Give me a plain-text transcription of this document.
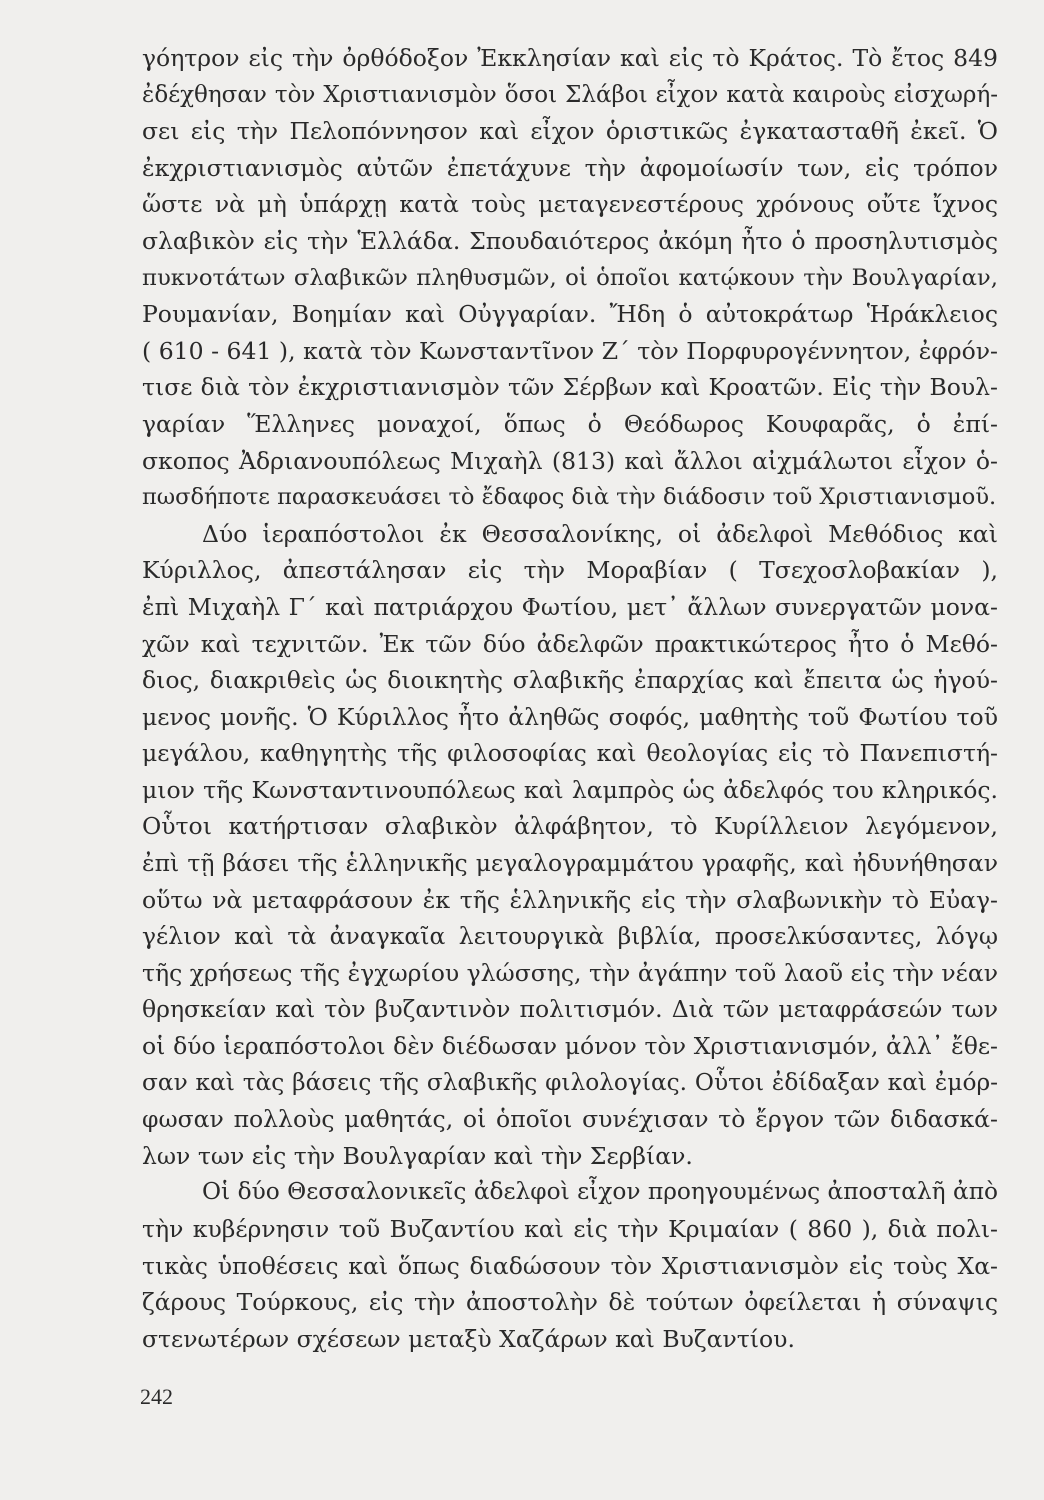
γόητρον εἰς τὴν ὀρθόδοξον Ἐκκλησίαν καὶ εἰς τὸ Κράτος. Τὸ ἔτος 849
ἐδέχθησαν τὸν Χριστιανισμὸν ὅσοι Σλάβοι εἶχον κατὰ καιροὺς εἰσχωρή-
σει εἰς τὴν Πελοπόννησον καὶ εἶχον ὁριστικῶς ἐγκατασταθῆ ἐκεῖ. Ὁ
ἐκχριστιανισμὸς αὐτῶν ἐπετάχυνε τὴν ἀφομοίωσίν των, εἰς τρόπον
ὥστε νὰ μὴ ὑπάρχῃ κατὰ τοὺς μεταγενεστέρους χρόνους οὔτε ἴχνος
σλαβικὸν εἰς τὴν Ἑλλάδα. Σπουδαιότερος ἀκόμη ἦτο ὁ προσηλυτισμὸς
πυκνοτάτων σλαβικῶν πληθυσμῶν, οἱ ὁποῖοι κατῴκουν τὴν Βουλγαρίαν,
Ρουμανίαν, Βοημίαν καὶ Οὐγγαρίαν. Ἤδη ὁ αὐτοκράτωρ Ἡράκλειος
( 610 - 641 ), κατὰ τὸν Κωνσταντῖνον Ζ΄ τὸν Πορφυρογέννητον, ἐφρόν-
τισε διὰ τὸν ἐκχριστιανισμὸν τῶν Σέρβων καὶ Κροατῶν. Εἰς τὴν Βουλ-
γαρίαν Ἕλληνες μοναχοί, ὅπως ὁ Θεόδωρος Κουφαρᾶς, ὁ ἐπί-
σκοπος Ἀδριανουπόλεως Μιχαὴλ (813) καὶ ἄλλοι αἰχμάλωτοι εἶχον ὁ-
πωσδήποτε παρασκευάσει τὸ ἔδαφος διὰ τὴν διάδοσιν τοῦ Χριστιανισμοῦ.
Δύο ἱεραπόστολοι ἐκ Θεσσαλονίκης, οἱ ἀδελφοὶ Μεθόδιος καὶ
Κύριλλος, ἀπεστάλησαν εἰς τὴν Μοραβίαν ( Τσεχοσλοβακίαν ),
ἐπὶ Μιχαὴλ Γ΄ καὶ πατριάρχου Φωτίου, μετ᾽ ἄλλων συνεργατῶν μονα-
χῶν καὶ τεχνιτῶν. Ἐκ τῶν δύο ἀδελφῶν πρακτικώτερος ἦτο ὁ Μεθό-
διος, διακριθεὶς ὡς διοικητὴς σλαβικῆς ἐπαρχίας καὶ ἔπειτα ὡς ἡγού-
μενος μονῆς. Ὁ Κύριλλος ἦτο ἀληθῶς σοφός, μαθητὴς τοῦ Φωτίου τοῦ
μεγάλου, καθηγητὴς τῆς φιλοσοφίας καὶ θεολογίας εἰς τὸ Πανεπιστή-
μιον τῆς Κωνσταντινουπόλεως καὶ λαμπρὸς ὡς ἀδελφός του κληρικός.
Οὗτοι κατήρτισαν σλαβικὸν ἀλφάβητον, τὸ Κυρίλλειον λεγόμενον,
ἐπὶ τῇ βάσει τῆς ἑλληνικῆς μεγαλογραμμάτου γραφῆς, καὶ ἠδυνήθησαν
οὕτω νὰ μεταφράσουν ἐκ τῆς ἑλληνικῆς εἰς τὴν σλαβωνικὴν τὸ Εὐαγ-
γέλιον καὶ τὰ ἀναγκαῖα λειτουργικὰ βιβλία, προσελκύσαντες, λόγῳ
τῆς χρήσεως τῆς ἐγχωρίου γλώσσης, τὴν ἀγάπην τοῦ λαοῦ εἰς τὴν νέαν
θρησκείαν καὶ τὸν βυζαντινὸν πολιτισμόν. Διὰ τῶν μεταφράσεών των
οἱ δύο ἱεραπόστολοι δὲν διέδωσαν μόνον τὸν Χριστιανισμόν, ἀλλ᾽ ἔθε-
σαν καὶ τὰς βάσεις τῆς σλαβικῆς φιλολογίας. Οὗτοι ἐδίδαξαν καὶ ἐμόρ-
φωσαν πολλοὺς μαθητάς, οἱ ὁποῖοι συνέχισαν τὸ ἔργον τῶν διδασκά-
λων των εἰς τὴν Βουλγαρίαν καὶ τὴν Σερβίαν.
Οἱ δύο Θεσσαλονικεῖς ἀδελφοὶ εἶχον προηγουμένως ἀποσταλῆ ἀπὸ
τὴν κυβέρνησιν τοῦ Βυζαντίου καὶ εἰς τὴν Κριμαίαν ( 860 ), διὰ πολι-
τικὰς ὑποθέσεις καὶ ὅπως διαδώσουν τὸν Χριστιανισμὸν εἰς τοὺς Χα-
ζάρους Τούρκους, εἰς τὴν ἀποστολὴν δὲ τούτων ὀφείλεται ἡ σύναψις
στενωτέρων σχέσεων μεταξὺ Χαζάρων καὶ Βυζαντίου.
242
